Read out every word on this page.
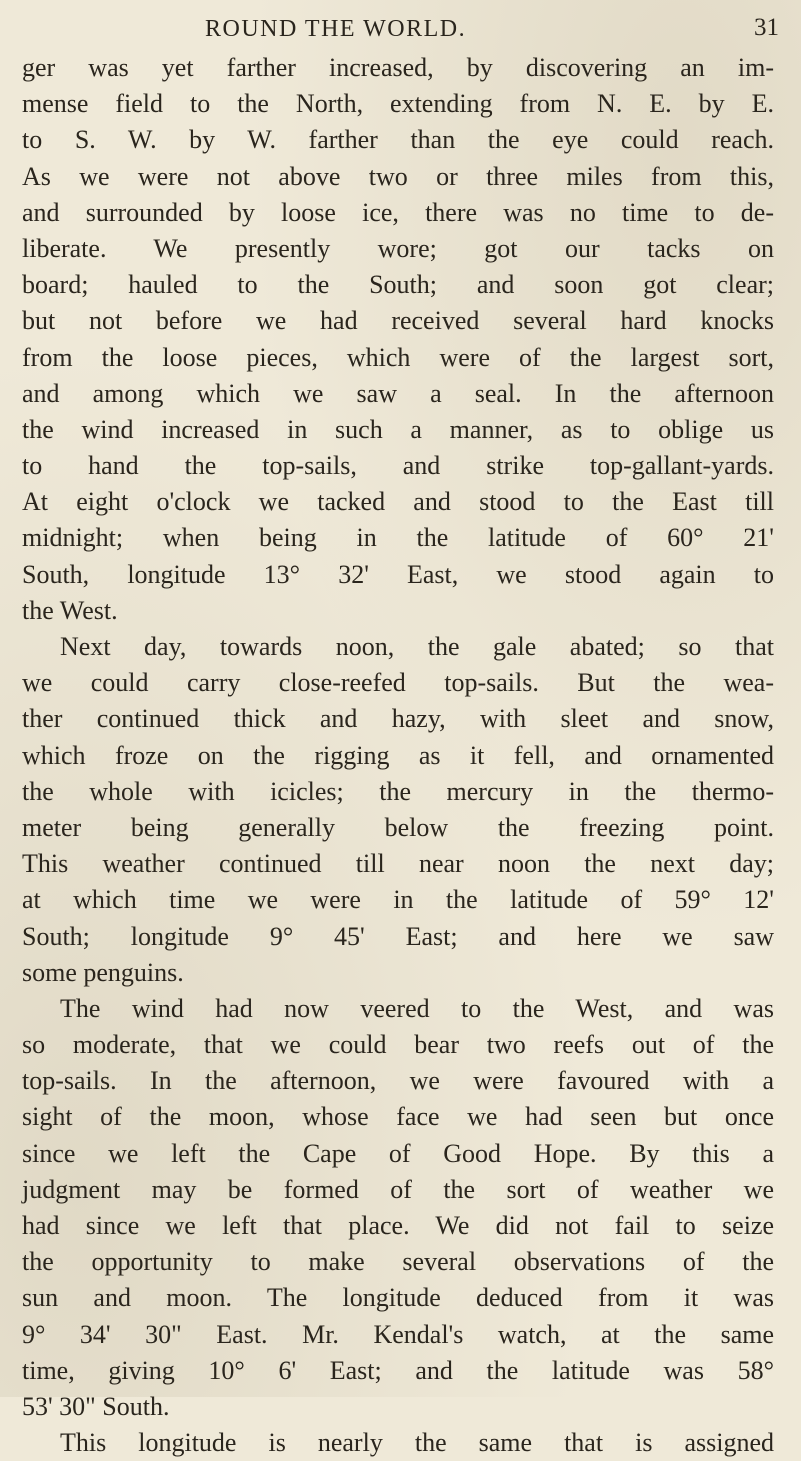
ROUND THE WORLD.	31
ger was yet farther increased, by discovering an im-
mense field to the North, extending from N. E. by E.
to S. W. by W. farther than the eye could reach.
As we were not above two or three miles from this,
and surrounded by loose ice, there was no time to de-
liberate. We presently wore; got our tacks on
board; hauled to the South; and soon got clear;
but not before we had received several hard knocks
from the loose pieces, which were of the largest sort,
and among which we saw a seal. In the afternoon
the wind increased in such a manner, as to oblige us
to hand the top-sails, and strike top-gallant-yards.
At eight o'clock we tacked and stood to the East till
midnight; when being in the latitude of 60° 21'
South, longitude 13° 32' East, we stood again to
the West.
Next day, towards noon, the gale abated; so that
we could carry close-reefed top-sails. But the wea-
ther continued thick and hazy, with sleet and snow,
which froze on the rigging as it fell, and ornamented
the whole with icicles; the mercury in the thermo-
meter being generally below the freezing point.
This weather continued till near noon the next day;
at which time we were in the latitude of 59° 12'
South; longitude 9° 45' East; and here we saw
some penguins.
The wind had now veered to the West, and was
so moderate, that we could bear two reefs out of the
top-sails. In the afternoon, we were favoured with a
sight of the moon, whose face we had seen but once
since we left the Cape of Good Hope. By this a
judgment may be formed of the sort of weather we
had since we left that place. We did not fail to seize
the opportunity to make several observations of the
sun and moon. The longitude deduced from it was
9° 34' 30" East. Mr. Kendal's watch, at the same
time, giving 10° 6' East; and the latitude was 58°
53' 30" South.
This longitude is nearly the same that is assigned
